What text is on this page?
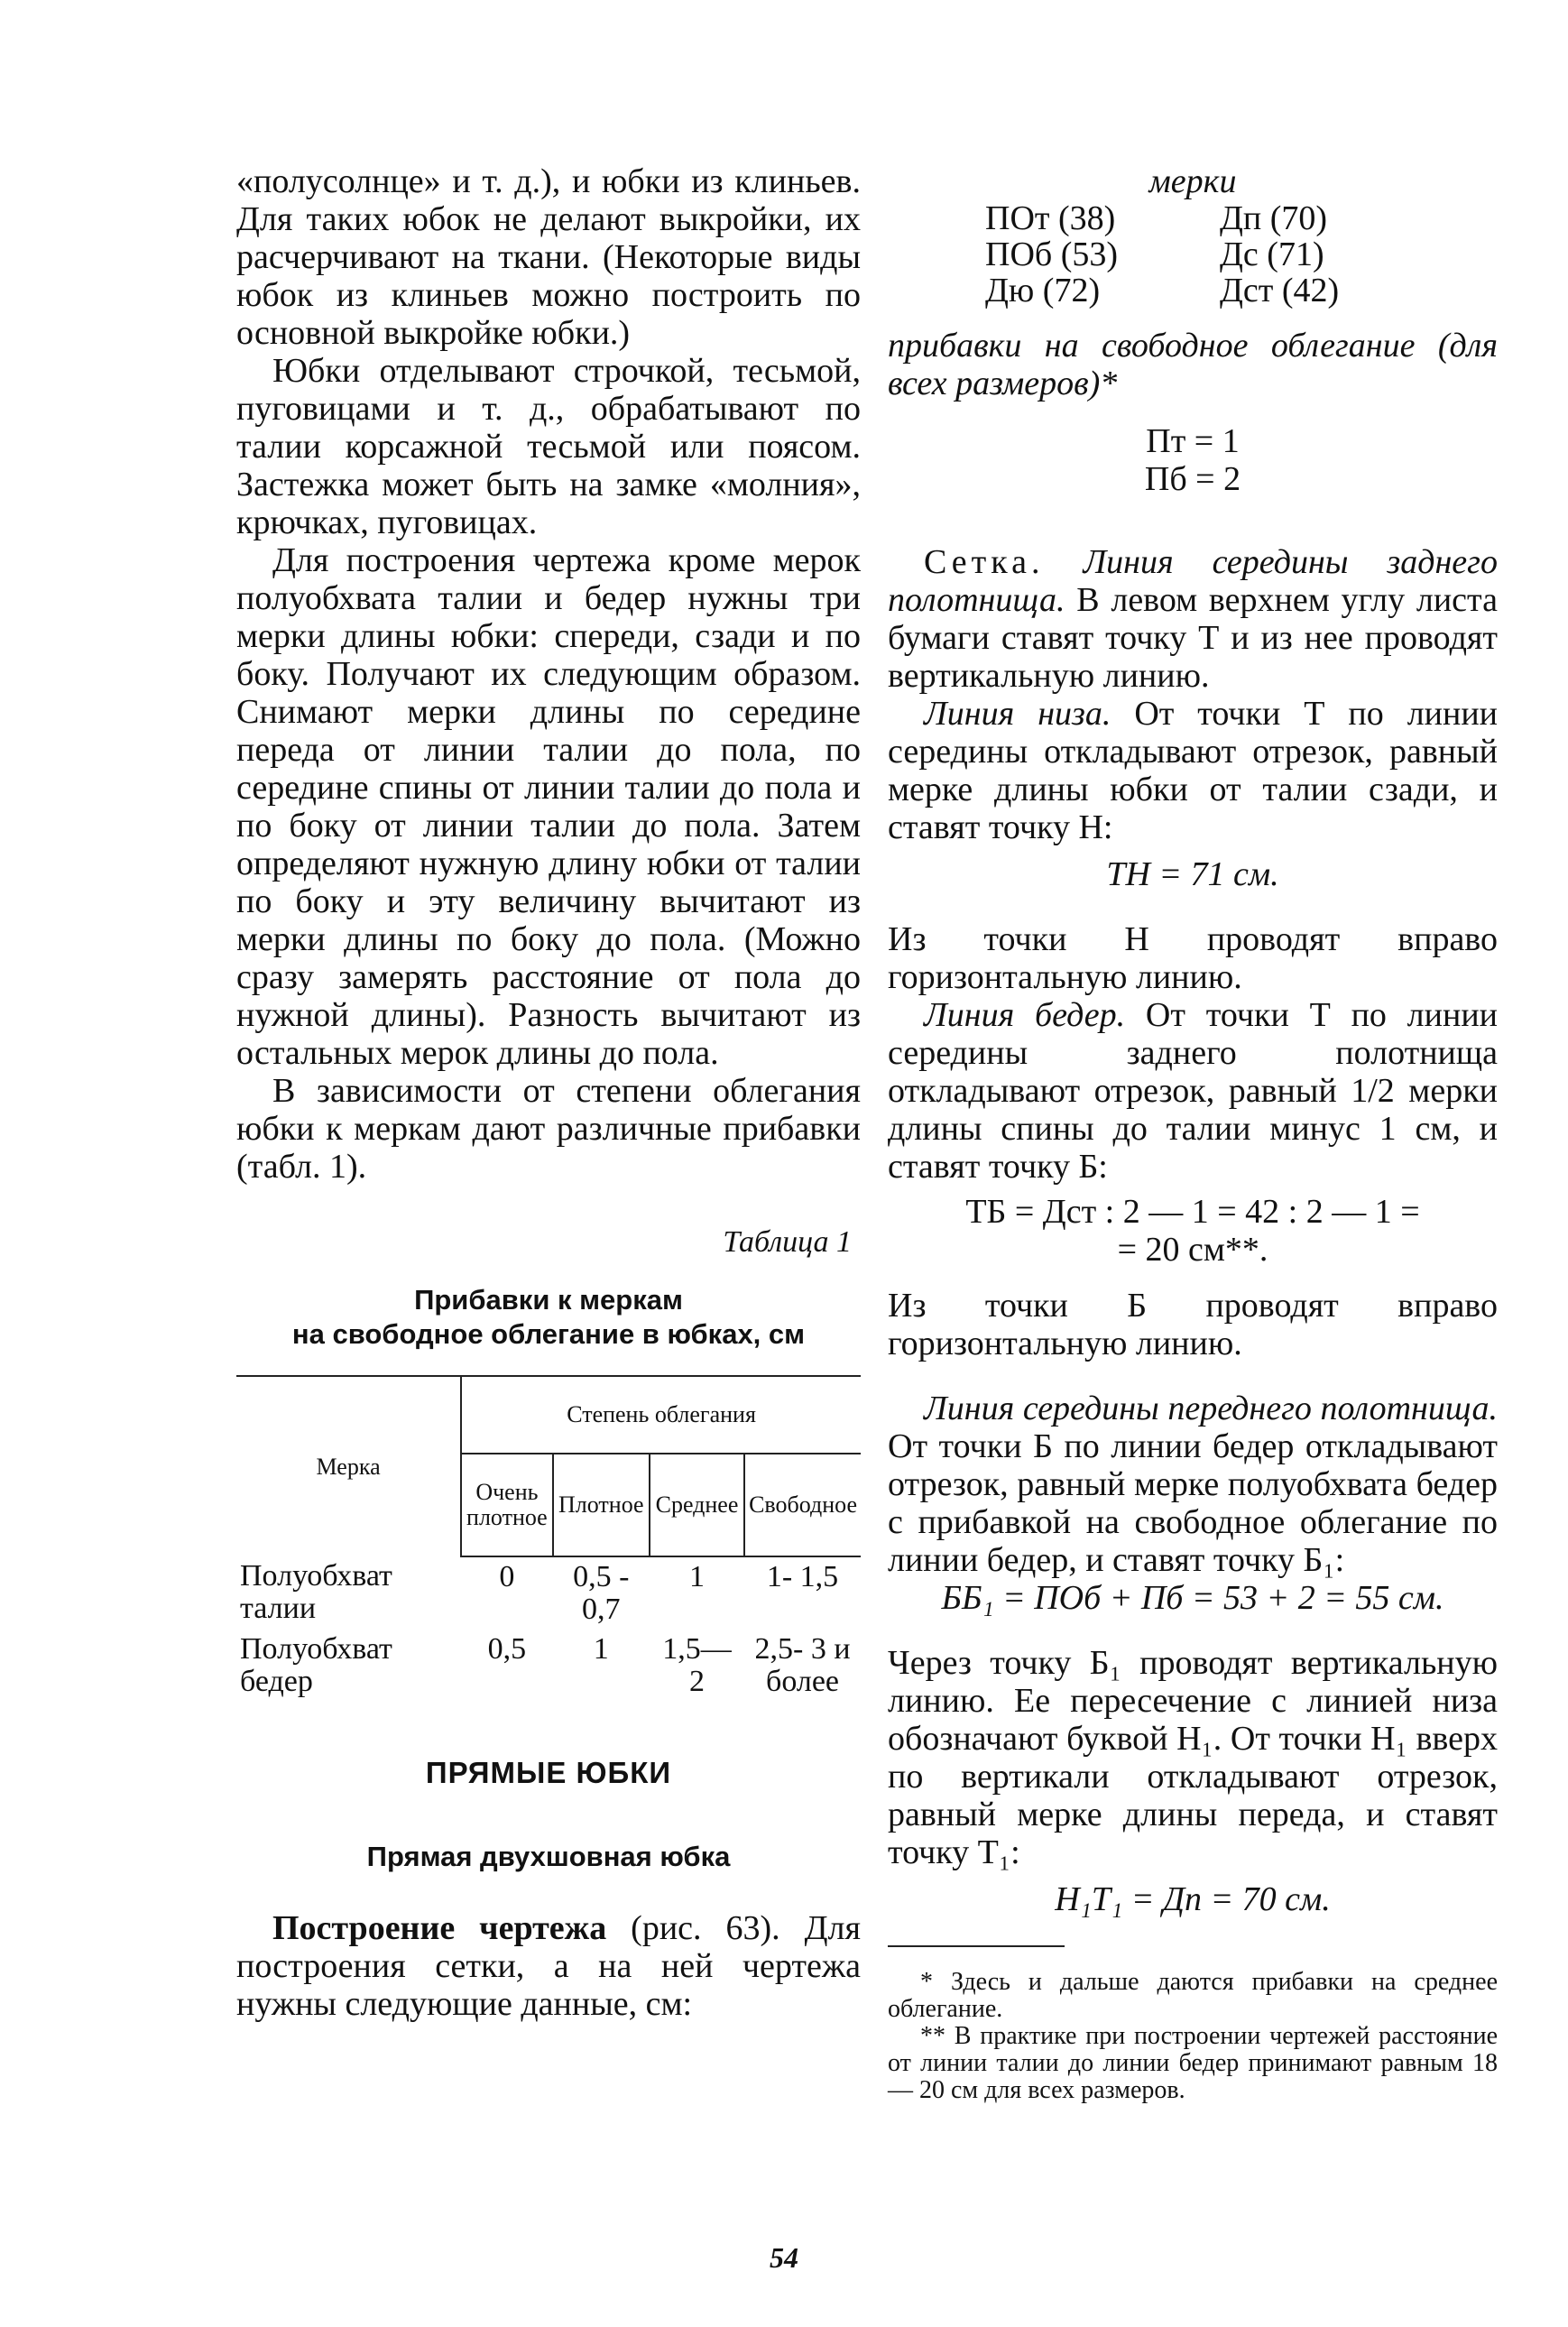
«полусолнце» и т. д.), и юбки из клиньев. Для таких юбок не делают выкройки, их расчерчивают на ткани. (Некоторые виды юбок из клиньев можно построить по основной выкройке юбки.)

Юбки отделывают строчкой, тесьмой, пуговицами и т. д., обрабатывают по талии корсажной тесьмой или поясом. Застежка может быть на замке «молния», крючках, пуговицах.

Для построения чертежа кроме мерок полуобхвата талии и бедер нужны три мерки длины юбки: спереди, сзади и по боку. Получают их следующим образом. Снимают мерки длины по середине переда от линии талии до пола, по середине спины от линии талии до пола и по боку от линии талии до пола. Затем определяют нужную длину юбки от талии по боку и эту величину вычитают из мерки длины по боку до пола. (Можно сразу замерять расстояние от пола до нужной длины). Разность вычитают из остальных мерок длины до пола.

В зависимости от степени облегания юбки к меркам дают различные прибавки (табл. 1).

Таблица 1
Прибавки к меркам
на свободное облегание в юбках, см
Мерка	Степень облегания			
	Очень плотное	Плотное	Среднее	Свободное
Полуобхват талии	0	0,5 - 0,7	1	1- 1,5
Полуобхват бедер	0,5	1	1,5— 2	2,5- 3 и более
ПРЯМЫЕ ЮБКИ
Прямая двухшовная юбка

Построение чертежа (рис. 63). Для построения сетки, а на ней чертежа нужны следующие данные, см:

мерки
ПОт (38)	Дп (70)
ПОб (53)	Дс (71)
Дю (72)	Дст (42)

прибавки на свободное облегание (для всех размеров)*

Пт = 1
Пб = 2

Сетка. Линия середины заднего полотнища. В левом верхнем углу листа бумаги ставят точку Т и из нее проводят вертикальную линию.

Линия низа. От точки Т по линии середины откладывают отрезок, равный мерке длины юбки от талии сзади, и ставят точку Н:

ТН = 71 см.

Из точки Н проводят вправо горизонтальную линию.

Линия бедер. От точки Т по линии середины заднего полотнища откладывают отрезок, равный 1/2 мерки длины спины до талии минус 1 см, и ставят точку Б:

ТБ = Дст : 2 — 1 = 42 : 2 — 1 =
= 20 см**.

Из точки Б проводят вправо горизонтальную линию.

Линия середины переднего полотнища. От точки Б по линии бедер откладывают отрезок, равный мерке полуобхвата бедер с прибавкой на свободное облегание по линии бедер, и ставят точку Б₁:

ББ₁ = ПОб + Пб = 53 + 2 = 55 см.

Через точку Б₁ проводят вертикальную линию. Ее пересечение с линией низа обозначают буквой Н₁. От точки Н₁ вверх по вертикали откладывают отрезок, равный мерке длины переда, и ставят точку Т₁:

Н₁Т₁ = Дп = 70 см.
* Здесь и дальше даются прибавки на среднее облегание.
** В практике при построении чертежей расстояние от линии талии до линии бедер принимают равным 18 — 20 см для всех размеров.
54
